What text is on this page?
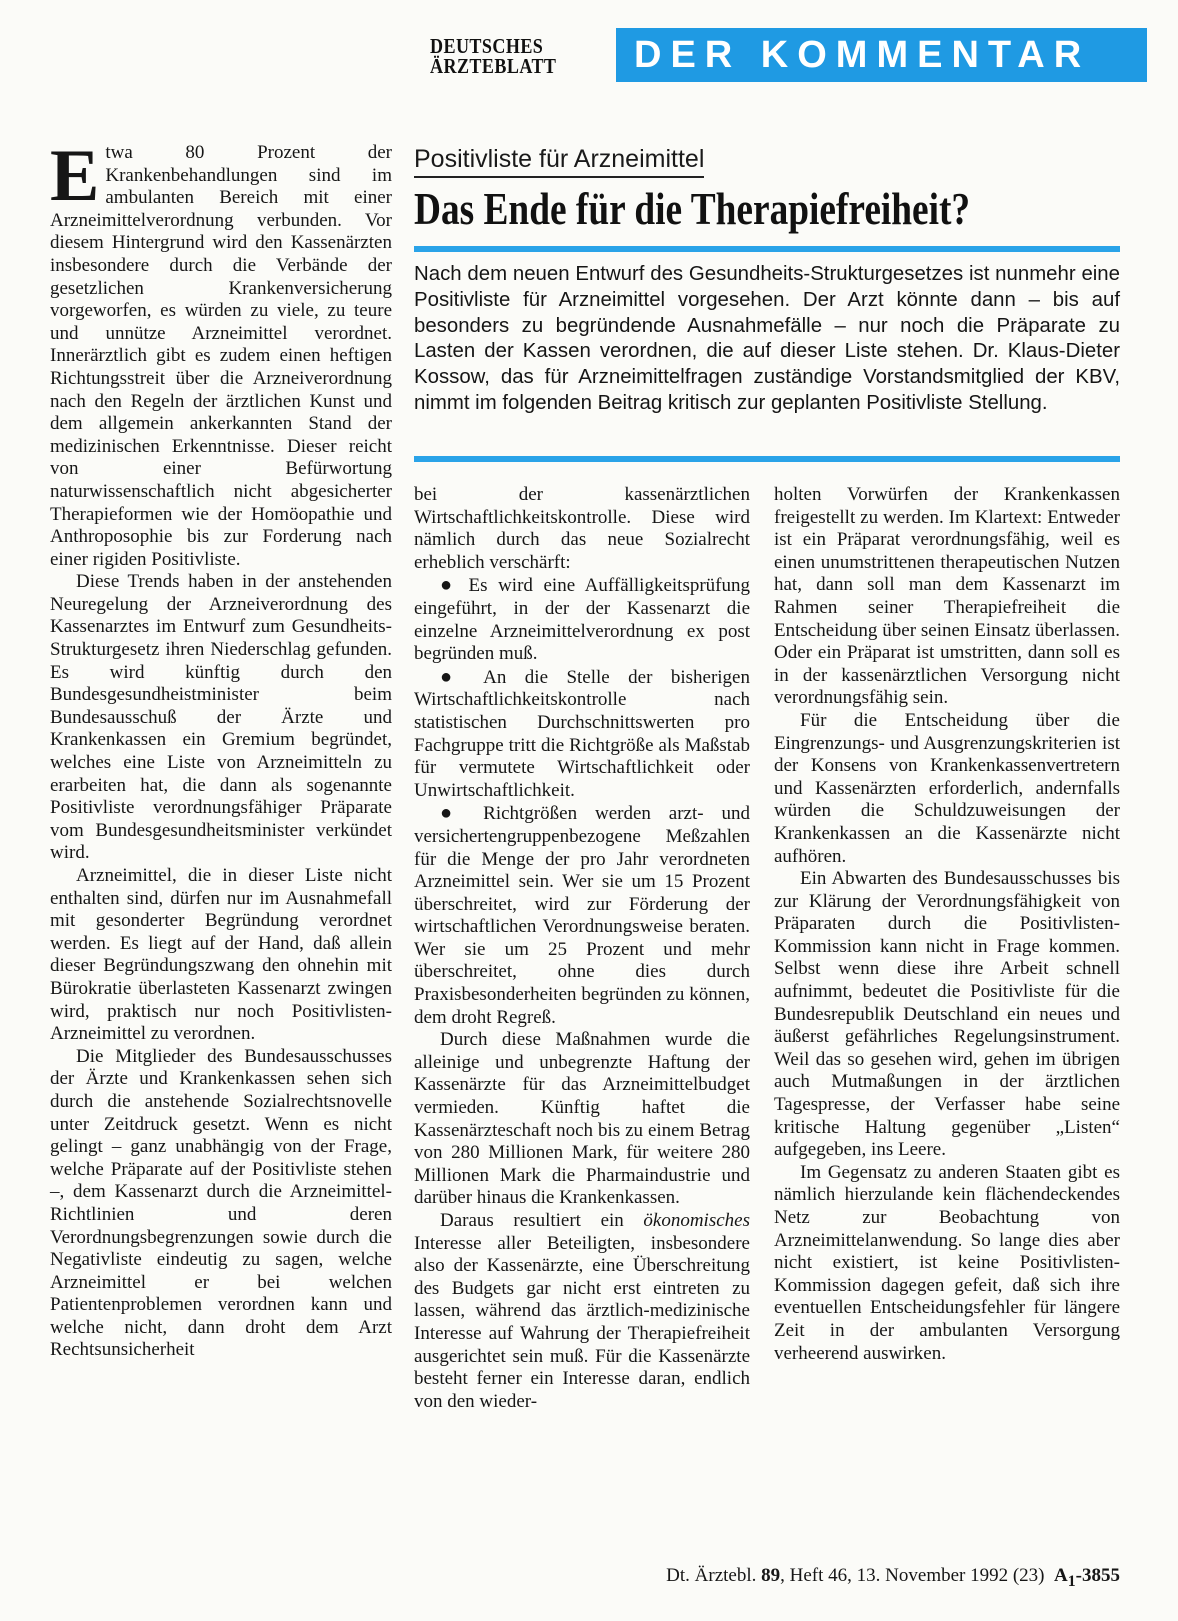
DEUTSCHES
ÄRZTEBLATT	DER KOMMENTAR
Positivliste für Arzneimittel
Das Ende für die Therapiefreiheit?
Nach dem neuen Entwurf des Gesundheits-Strukturgesetzes ist nunmehr eine Positivliste für Arzneimittel vorgesehen. Der Arzt könnte dann – bis auf besonders zu begründende Ausnahmefälle – nur noch die Präparate zu Lasten der Kassen verordnen, die auf dieser Liste stehen. Dr. Klaus-Dieter Kossow, das für Arzneimittelfragen zuständige Vorstandsmitglied der KBV, nimmt im folgenden Beitrag kritisch zur geplanten Positivliste Stellung.

Etwa 80 Prozent der Krankenbehandlungen sind im ambulanten Bereich mit einer Arzneimittelverordnung verbunden. Vor diesem Hintergrund wird den Kassenärzten insbesondere durch die Verbände der gesetzlichen Krankenversicherung vorgeworfen, es würden zu viele, zu teure und unnütze Arzneimittel verordnet. Innerärztlich gibt es zudem einen heftigen Richtungsstreit über die Arzneiverordnung nach den Regeln der ärztlichen Kunst und dem allgemein ankerkannten Stand der medizinischen Erkenntnisse. Dieser reicht von einer Befürwortung naturwissenschaftlich nicht abgesicherter Therapieformen wie der Homöopathie und Anthroposophie bis zur Forderung nach einer rigiden Positivliste.

Diese Trends haben in der anstehenden Neuregelung der Arzneiverordnung des Kassenarztes im Entwurf zum Gesundheits-Strukturgesetz ihren Niederschlag gefunden. Es wird künftig durch den Bundesgesundheistminister beim Bundesausschuß der Ärzte und Krankenkassen ein Gremium begründet, welches eine Liste von Arzneimitteln zu erarbeiten hat, die dann als sogenannte Positivliste verordnungsfähiger Präparate vom Bundesgesundheitsminister verkündet wird.

Arzneimittel, die in dieser Liste nicht enthalten sind, dürfen nur im Ausnahmefall mit gesonderter Begründung verordnet werden. Es liegt auf der Hand, daß allein dieser Begründungszwang den ohnehin mit Bürokratie überlasteten Kassenarzt zwingen wird, praktisch nur noch Positivlisten-Arzneimittel zu verordnen.

Die Mitglieder des Bundesausschusses der Ärzte und Krankenkassen sehen sich durch die anstehende Sozialrechtsnovelle unter Zeitdruck gesetzt. Wenn es nicht gelingt – ganz unabhängig von der Frage, welche Präparate auf der Positivliste stehen –, dem Kassenarzt durch die Arzneimittel-Richtlinien und deren Verordnungsbegrenzungen sowie durch die Negativliste eindeutig zu sagen, welche Arzneimittel er bei welchen Patientenproblemen verordnen kann und welche nicht, dann droht dem Arzt Rechtsunsicherheit

bei der kassenärztlichen Wirtschaftlichkeitskontrolle. Diese wird nämlich durch das neue Sozialrecht erheblich verschärft:

● Es wird eine Auffälligkeitsprüfung eingeführt, in der der Kassenarzt die einzelne Arzneimittelverordnung ex post begründen muß.

● An die Stelle der bisherigen Wirtschaftlichkeitskontrolle nach statistischen Durchschnittswerten pro Fachgruppe tritt die Richtgröße als Maßstab für vermutete Wirtschaftlichkeit oder Unwirtschaftlichkeit.

● Richtgrößen werden arzt- und versichertengruppenbezogene Meßzahlen für die Menge der pro Jahr verordneten Arzneimittel sein. Wer sie um 15 Prozent überschreitet, wird zur Förderung der wirtschaftlichen Verordnungsweise beraten. Wer sie um 25 Prozent und mehr überschreitet, ohne dies durch Praxisbesonderheiten begründen zu können, dem droht Regreß.

Durch diese Maßnahmen wurde die alleinige und unbegrenzte Haftung der Kassenärzte für das Arzneimittelbudget vermieden. Künftig haftet die Kassenärzteschaft noch bis zu einem Betrag von 280 Millionen Mark, für weitere 280 Millionen Mark die Pharmaindustrie und darüber hinaus die Krankenkassen.

Daraus resultiert ein ökonomisches Interesse aller Beteiligten, insbesondere also der Kassenärzte, eine Überschreitung des Budgets gar nicht erst eintreten zu lassen, während das ärztlich-medizinische Interesse auf Wahrung der Therapiefreiheit ausgerichtet sein muß. Für die Kassenärzte besteht ferner ein Interesse daran, endlich von den wieder-

holten Vorwürfen der Krankenkassen freigestellt zu werden. Im Klartext: Entweder ist ein Präparat verordnungsfähig, weil es einen unumstrittenen therapeutischen Nutzen hat, dann soll man dem Kassenarzt im Rahmen seiner Therapiefreiheit die Entscheidung über seinen Einsatz überlassen. Oder ein Präparat ist umstritten, dann soll es in der kassenärztlichen Versorgung nicht verordnungsfähig sein.

Für die Entscheidung über die Eingrenzungs- und Ausgrenzungskriterien ist der Konsens von Krankenkassenvertretern und Kassenärzten erforderlich, andernfalls würden die Schuldzuweisungen der Krankenkassen an die Kassenärzte nicht aufhören.

Ein Abwarten des Bundesausschusses bis zur Klärung der Verordnungsfähigkeit von Präparaten durch die Positivlisten-Kommission kann nicht in Frage kommen. Selbst wenn diese ihre Arbeit schnell aufnimmt, bedeutet die Positivliste für die Bundesrepublik Deutschland ein neues und äußerst gefährliches Regelungsinstrument. Weil das so gesehen wird, gehen im übrigen auch Mutmaßungen in der ärztlichen Tagespresse, der Verfasser habe seine kritische Haltung gegenüber „Listen“ aufgegeben, ins Leere.

Im Gegensatz zu anderen Staaten gibt es nämlich hierzulande kein flächendeckendes Netz zur Beobachtung von Arzneimittelanwendung. So lange dies aber nicht existiert, ist keine Positivlisten-Kommission dagegen gefeit, daß sich ihre eventuellen Entscheidungsfehler für längere Zeit in der ambulanten Versorgung verheerend auswirken.

Dt. Ärztebl. 89, Heft 46, 13. November 1992 (23) $A_1-3855$
